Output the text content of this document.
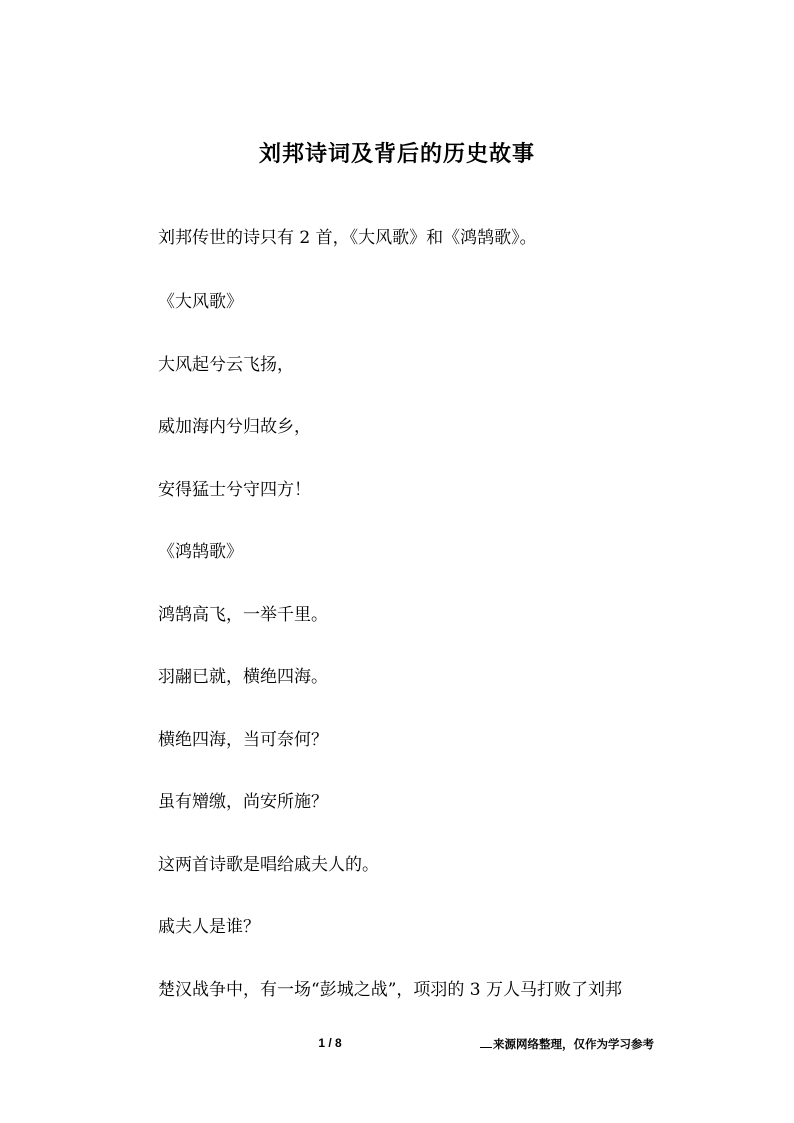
刘邦诗词及背后的历史故事
刘邦传世的诗只有 2 首，《大风歌》和《鸿鹄歌》。
《大风歌》
大风起兮云飞扬，
威加海内兮归故乡，
安得猛士兮守四方！
《鸿鹄歌》
鸿鹄高飞，一举千里。
羽翮已就，横绝四海。
横绝四海，当可奈何？
虽有矰缴，尚安所施？
这两首诗歌是唱给戚夫人的。
戚夫人是谁？
楚汉战争中，有一场“彭城之战”，项羽的 3 万人马打败了刘邦
1 / 8	来源网络整理，仅作为学习参考
